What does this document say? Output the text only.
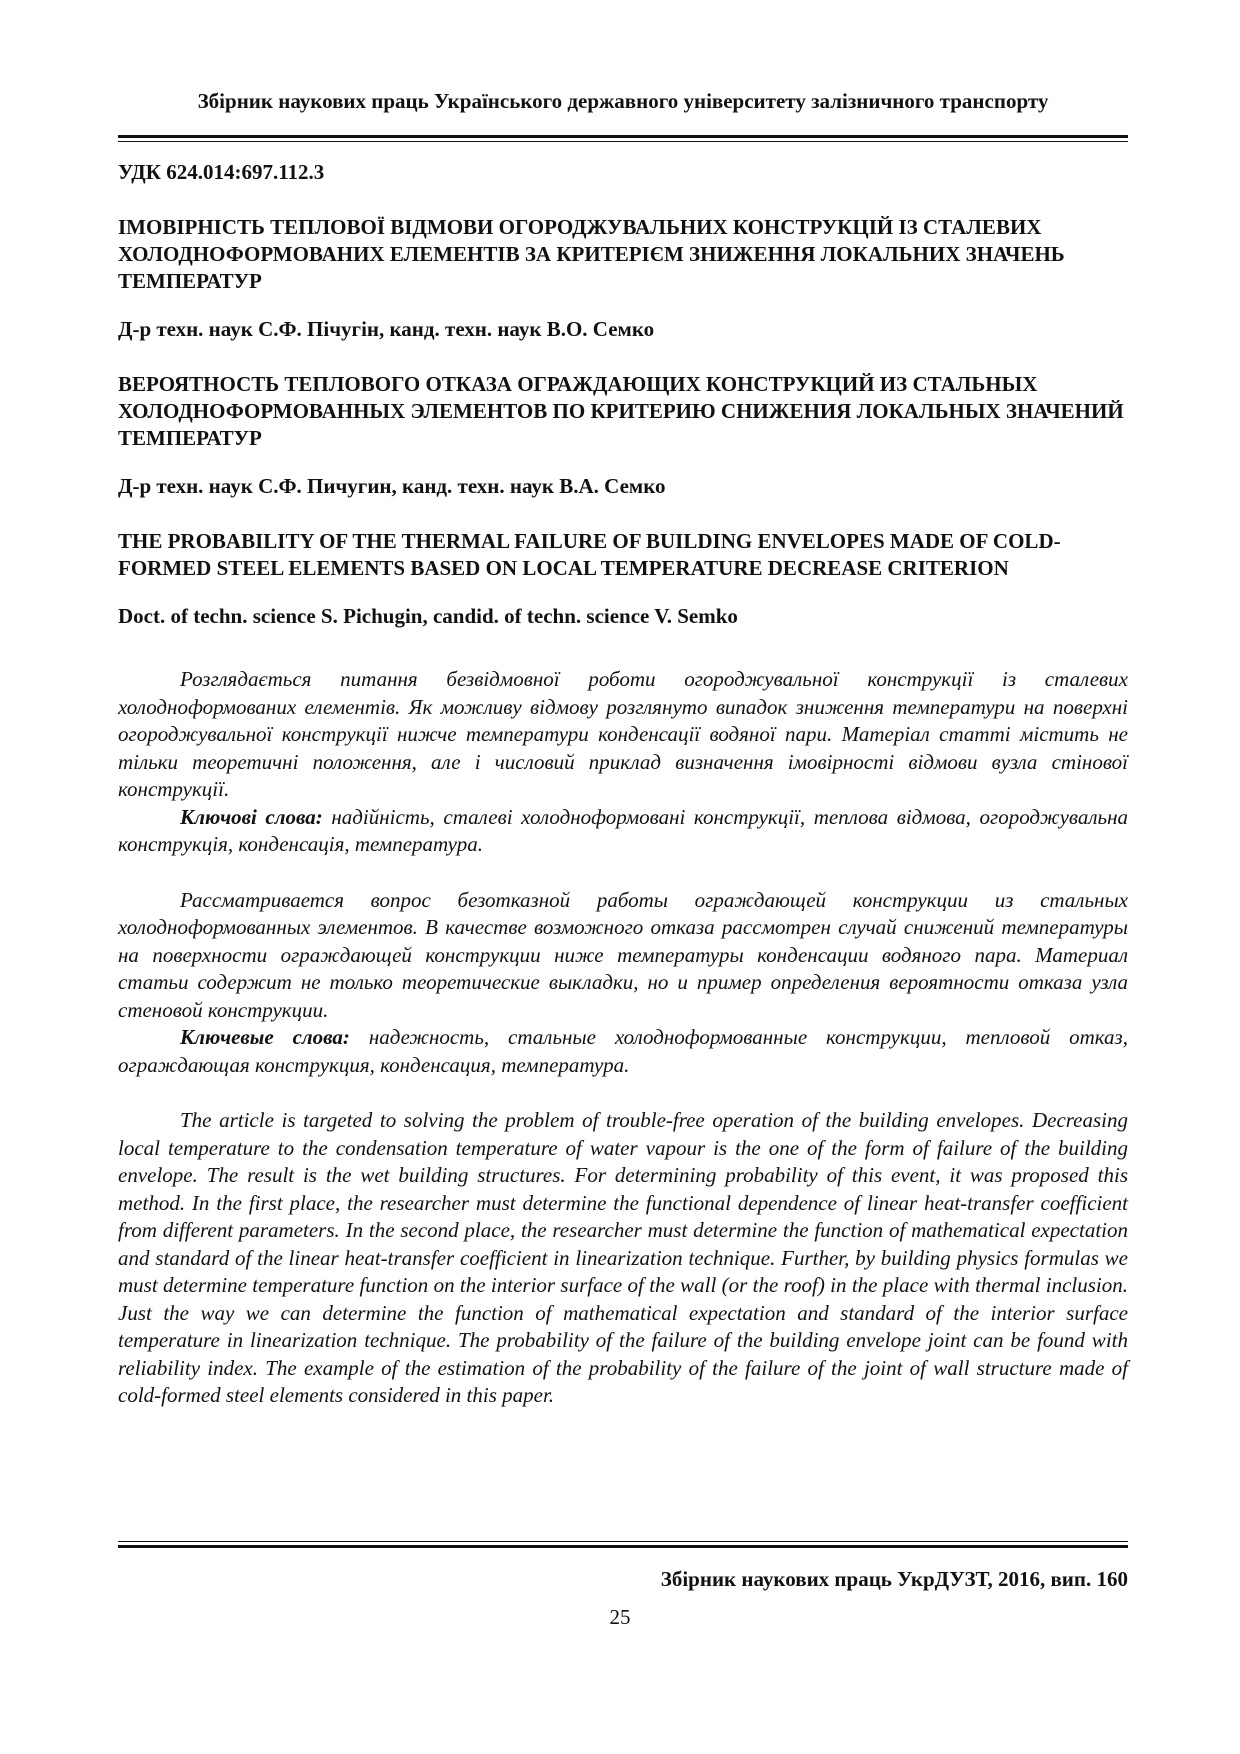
Збірник наукових праць Українського державного університету залізничного транспорту

УДК 624.014:697.112.3

ІМОВІРНІСТЬ ТЕПЛОВОЇ ВІДМОВИ ОГОРОДЖУВАЛЬНИХ КОНСТРУКЦІЙ ІЗ СТАЛЕВИХ ХОЛОДНОФОРМОВАНИХ ЕЛЕМЕНТІВ ЗА КРИТЕРІЄМ ЗНИЖЕННЯ ЛОКАЛЬНИХ ЗНАЧЕНЬ ТЕМПЕРАТУР

Д-р техн. наук С.Ф. Пічугін, канд. техн. наук В.О. Семко

ВЕРОЯТНОСТЬ ТЕПЛОВОГО ОТКАЗА ОГРАЖДАЮЩИХ КОНСТРУКЦИЙ ИЗ СТАЛЬНЫХ ХОЛОДНОФОРМОВАННЫХ ЭЛЕМЕНТОВ ПО КРИТЕРИЮ СНИЖЕНИЯ ЛОКАЛЬНЫХ ЗНАЧЕНИЙ ТЕМПЕРАТУР

Д-р техн. наук С.Ф. Пичугин, канд. техн. наук В.А. Семко

THE PROBABILITY OF THE THERMAL FAILURE OF BUILDING ENVELOPES MADE OF COLD-FORMED STEEL ELEMENTS BASED ON LOCAL TEMPERATURE DECREASE CRITERION

Doct. of techn. science S. Pichugin, candid. of techn. science V. Semko

Розглядається питання безвідмовної роботи огороджувальної конструкції із сталевих холодноформованих елементів. Як можливу відмову розглянуто випадок зниження температури на поверхні огороджувальної конструкції нижче температури конденсації водяної пари. Матеріал статті містить не тільки теоретичні положення, але і числовий приклад визначення імовірності відмови вузла стінової конструкції.

Ключові слова: надійність, сталеві холодноформовані конструкції, теплова відмова, огороджувальна конструкція, конденсація, температура.

Рассматривается вопрос безотказной работы ограждающей конструкции из стальных холодноформованных элементов. В качестве возможного отказа рассмотрен случай снижений температуры на поверхности ограждающей конструкции ниже температуры конденсации водяного пара. Материал статьи содержит не только теоретические выкладки, но и пример определения вероятности отказа узла стеновой конструкции.

Ключевые слова: надежность, стальные холодноформованные конструкции, тепловой отказ, ограждающая конструкция, конденсация, температура.

The article is targeted to solving the problem of trouble-free operation of the building envelopes. Decreasing local temperature to the condensation temperature of water vapour is the one of the form of failure of the building envelope. The result is the wet building structures. For determining probability of this event, it was proposed this method. In the first place, the researcher must determine the functional dependence of linear heat-transfer coefficient from different parameters. In the second place, the researcher must determine the function of mathematical expectation and standard of the linear heat-transfer coefficient in linearization technique. Further, by building physics formulas we must determine temperature function on the interior surface of the wall (or the roof) in the place with thermal inclusion. Just the way we can determine the function of mathematical expectation and standard of the interior surface temperature in linearization technique. The probability of the failure of the building envelope joint can be found with reliability index. The example of the estimation of the probability of the failure of the joint of wall structure made of cold-formed steel elements considered in this paper.

Збірник наукових праць УкрДУЗТ, 2016, вип. 160
25
